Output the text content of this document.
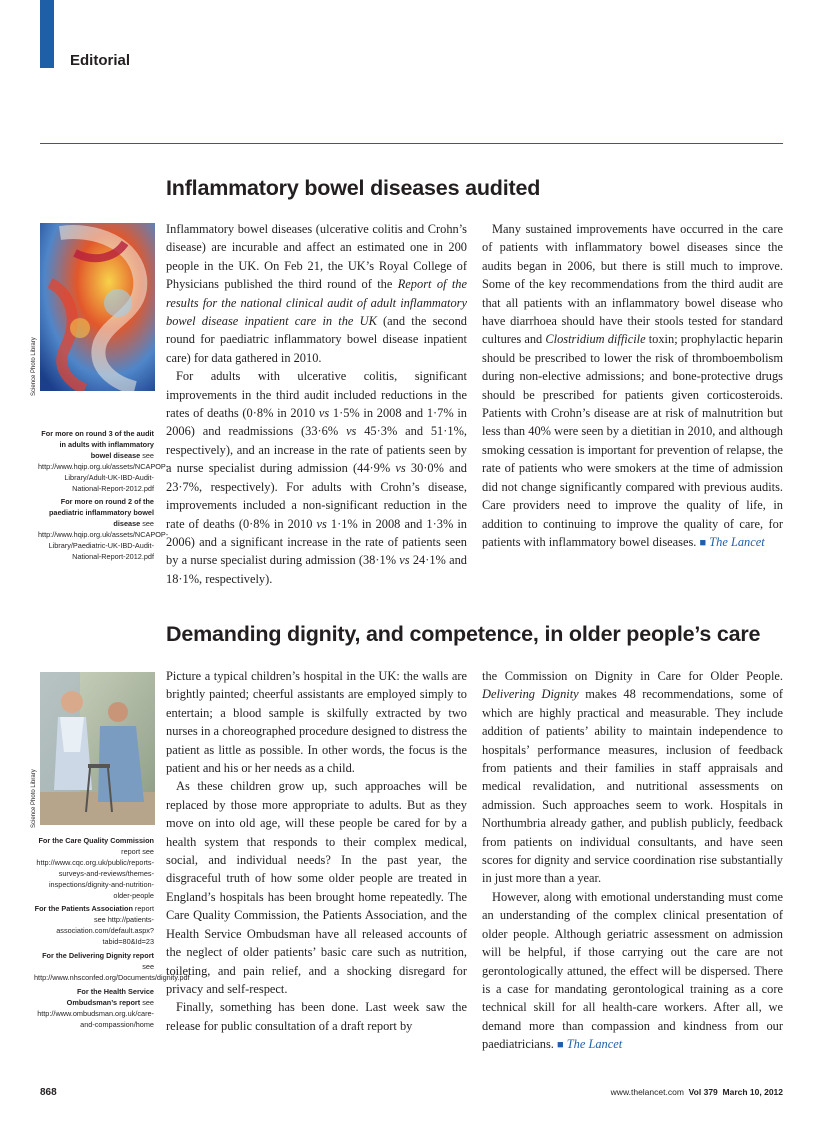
Editorial
Inflammatory bowel diseases audited
Science Photo Library

For more on round 3 of the audit in adults with inflammatory bowel disease see http://www.hqip.org.uk/assets/NCAPOP-Library/Adult-UK-IBD-Audit-National-Report-2012.pdf

For more on round 2 of the paediatric inflammatory bowel disease see http://www.hqip.org.uk/assets/NCAPOP-Library/Paediatric-UK-IBD-Audit-National-Report-2012.pdf

Inflammatory bowel diseases (ulcerative colitis and Crohn’s disease) are incurable and affect an estimated one in 200 people in the UK. On Feb 21, the UK’s Royal College of Physicians published the third round of the Report of the results for the national clinical audit of adult inflammatory bowel disease inpatient care in the UK (and the second round for paediatric inflammatory bowel disease inpatient care) for data gathered in 2010.

For adults with ulcerative colitis, significant improvements in the third audit included reductions in the rates of deaths (0·8% in 2010 vs 1·5% in 2008 and 1·7% in 2006) and readmissions (33·6% vs 45·3% and 51·1%, respectively), and an increase in the rate of patients seen by a nurse specialist during admission (44·9% vs 30·0% and 23·7%, respectively). For adults with Crohn’s disease, improvements included a non-significant reduction in the rate of deaths (0·8% in 2010 vs 1·1% in 2008 and 1·3% in 2006) and a significant increase in the rate of patients seen by a nurse specialist during admission (38·1% vs 24·1% and 18·1%, respectively).

Many sustained improvements have occurred in the care of patients with inflammatory bowel diseases since the audits began in 2006, but there is still much to improve. Some of the key recommendations from the third audit are that all patients with an inflammatory bowel disease who have diarrhoea should have their stools tested for standard cultures and Clostridium difficile toxin; prophylactic heparin should be prescribed to lower the risk of thromboembolism during non-elective admissions; and bone-protective drugs should be prescribed for patients given corticosteroids. Patients with Crohn’s disease are at risk of malnutrition but less than 40% were seen by a dietitian in 2010, and although smoking cessation is important for prevention of relapse, the rate of patients who were smokers at the time of admission did not change significantly compared with previous audits. Care providers need to improve the quality of life, in addition to continuing to improve the quality of care, for patients with inflammatory bowel diseases. ■ The Lancet

Demanding dignity, and competence, in older people’s care
Science Photo Library

For the Care Quality Commission report see http://www.cqc.org.uk/public/reports-surveys-and-reviews/themes-inspections/dignity-and-nutrition-older-people

For the Patients Association report see http://patients-association.com/default.aspx?tabid=80&Id=23

For the Delivering Dignity report see http://www.nhsconfed.org/Documents/dignity.pdf

For the Health Service Ombudsman’s report see http://www.ombudsman.org.uk/care-and-compassion/home

Picture a typical children’s hospital in the UK: the walls are brightly painted; cheerful assistants are employed simply to entertain; a blood sample is skilfully extracted by two nurses in a choreographed procedure designed to distress the patient as little as possible. In other words, the focus is the patient and his or her needs as a child.

As these children grow up, such approaches will be replaced by those more appropriate to adults. But as they move on into old age, will these people be cared for by a health system that responds to their complex medical, social, and individual needs? In the past year, the disgraceful truth of how some older people are treated in England’s hospitals has been brought home repeatedly. The Care Quality Commission, the Patients Association, and the Health Service Ombudsman have all released accounts of the neglect of older patients’ basic care such as nutrition, toileting, and pain relief, and a shocking disregard for privacy and self-respect.

Finally, something has been done. Last week saw the release for public consultation of a draft report by

the Commission on Dignity in Care for Older People. Delivering Dignity makes 48 recommendations, some of which are highly practical and measurable. They include addition of patients’ ability to maintain independence to hospitals’ performance measures, inclusion of feedback from patients and their families in staff appraisals and medical revalidation, and nutritional assessments on admission. Such approaches seem to work. Hospitals in Northumbria already gather, and publish publicly, feedback from patients on individual consultants, and have seen scores for dignity and service coordination rise substantially in just more than a year.

However, along with emotional understanding must come an understanding of the complex clinical presentation of older people. Although geriatric assessment on admission will be helpful, if those carrying out the care are not gerontologically attuned, the effect will be dispersed. There is a case for mandating gerontological training as a core technical skill for all health-care workers. After all, we demand more than compassion and kindness from our paediatricians. ■ The Lancet

868	www.thelancet.com Vol 379 March 10, 2012
